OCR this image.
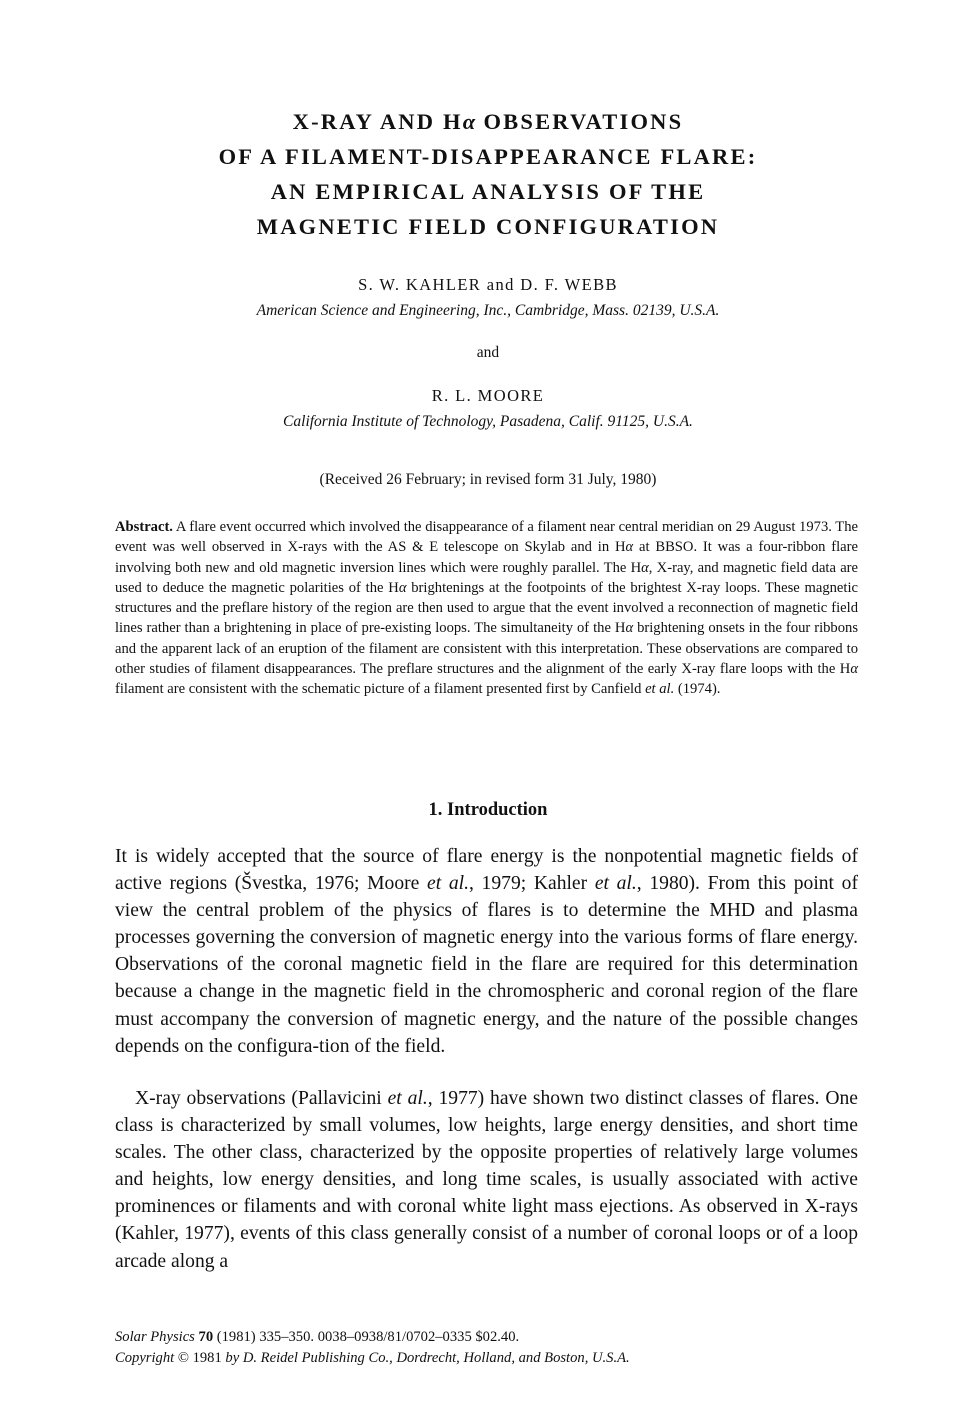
X-RAY AND Hα OBSERVATIONS

OF A FILAMENT-DISAPPEARANCE FLARE:

AN EMPIRICAL ANALYSIS OF THE

MAGNETIC FIELD CONFIGURATION

S. W. KAHLER and D. F. WEBB

American Science and Engineering, Inc., Cambridge, Mass. 02139, U.S.A.

and

R. L. MOORE

California Institute of Technology, Pasadena, Calif. 91125, U.S.A.

(Received 26 February; in revised form 31 July, 1980)

Abstract. A flare event occurred which involved the disappearance of a filament near central meridian on 29 August 1973. The event was well observed in X-rays with the AS & E telescope on Skylab and in Hα at BBSO. It was a four-ribbon flare involving both new and old magnetic inversion lines which were roughly parallel. The Hα, X-ray, and magnetic field data are used to deduce the magnetic polarities of the Hα brightenings at the footpoints of the brightest X-ray loops. These magnetic structures and the preflare history of the region are then used to argue that the event involved a reconnection of magnetic field lines rather than a brightening in place of pre-existing loops. The simultaneity of the Hα brightening onsets in the four ribbons and the apparent lack of an eruption of the filament are consistent with this interpretation. These observations are compared to other studies of filament disappearances. The preflare structures and the alignment of the early X-ray flare loops with the Hα filament are consistent with the schematic picture of a filament presented first by Canfield et al. (1974).

1. Introduction

It is widely accepted that the source of flare energy is the nonpotential magnetic fields of active regions (Švestka, 1976; Moore et al., 1979; Kahler et al., 1980). From this point of view the central problem of the physics of flares is to determine the MHD and plasma processes governing the conversion of magnetic energy into the various forms of flare energy. Observations of the coronal magnetic field in the flare are required for this determination because a change in the magnetic field in the chromospheric and coronal region of the flare must accompany the conversion of magnetic energy, and the nature of the possible changes depends on the configura-tion of the field.

X-ray observations (Pallavicini et al., 1977) have shown two distinct classes of flares. One class is characterized by small volumes, low heights, large energy densities, and short time scales. The other class, characterized by the opposite properties of relatively large volumes and heights, low energy densities, and long time scales, is usually associated with active prominences or filaments and with coronal white light mass ejections. As observed in X-rays (Kahler, 1977), events of this class generally consist of a number of coronal loops or of a loop arcade along a

Solar Physics 70 (1981) 335–350. 0038–0938/81/0702–0335 $02.40.
Copyright © 1981 by D. Reidel Publishing Co., Dordrecht, Holland, and Boston, U.S.A.
